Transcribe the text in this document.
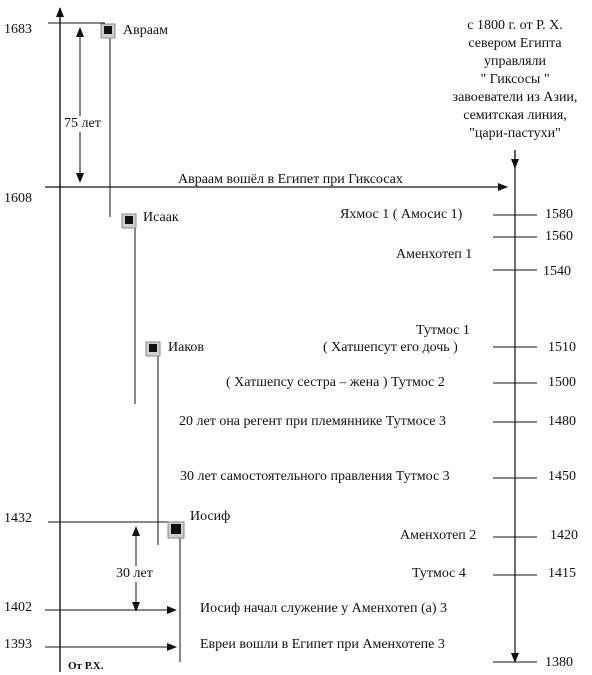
1683
1608
1432
1402
1393
От Р.Х.
Авраам
Исаак
Иаков
Иосиф
75 лет
30 лет
Авраам вошёл в Египет при Гиксосах
Иосиф начал служение у Аменхотеп (а) 3
Евреи вошли в Египет при Аменхотепе 3
с 1800 г. от Р. Х.
севером Египта
управляли
" Гиксосы "
завоеватели из Азии,
семитская линия,
"цари-пастухи"
Яхмос 1 ( Амосис 1)
Аменхотеп 1
Тутмос 1
( Хатшепсут его дочь )
( Хатшепсу сестра – жена ) Тутмос 2
20 лет она регент при племяннике Тутмосе 3
30 лет самостоятельного правления Тутмос 3
Аменхотеп 2
Тутмос 4
1580
1560
1540
1510
1500
1480
1450
1420
1415
1380
